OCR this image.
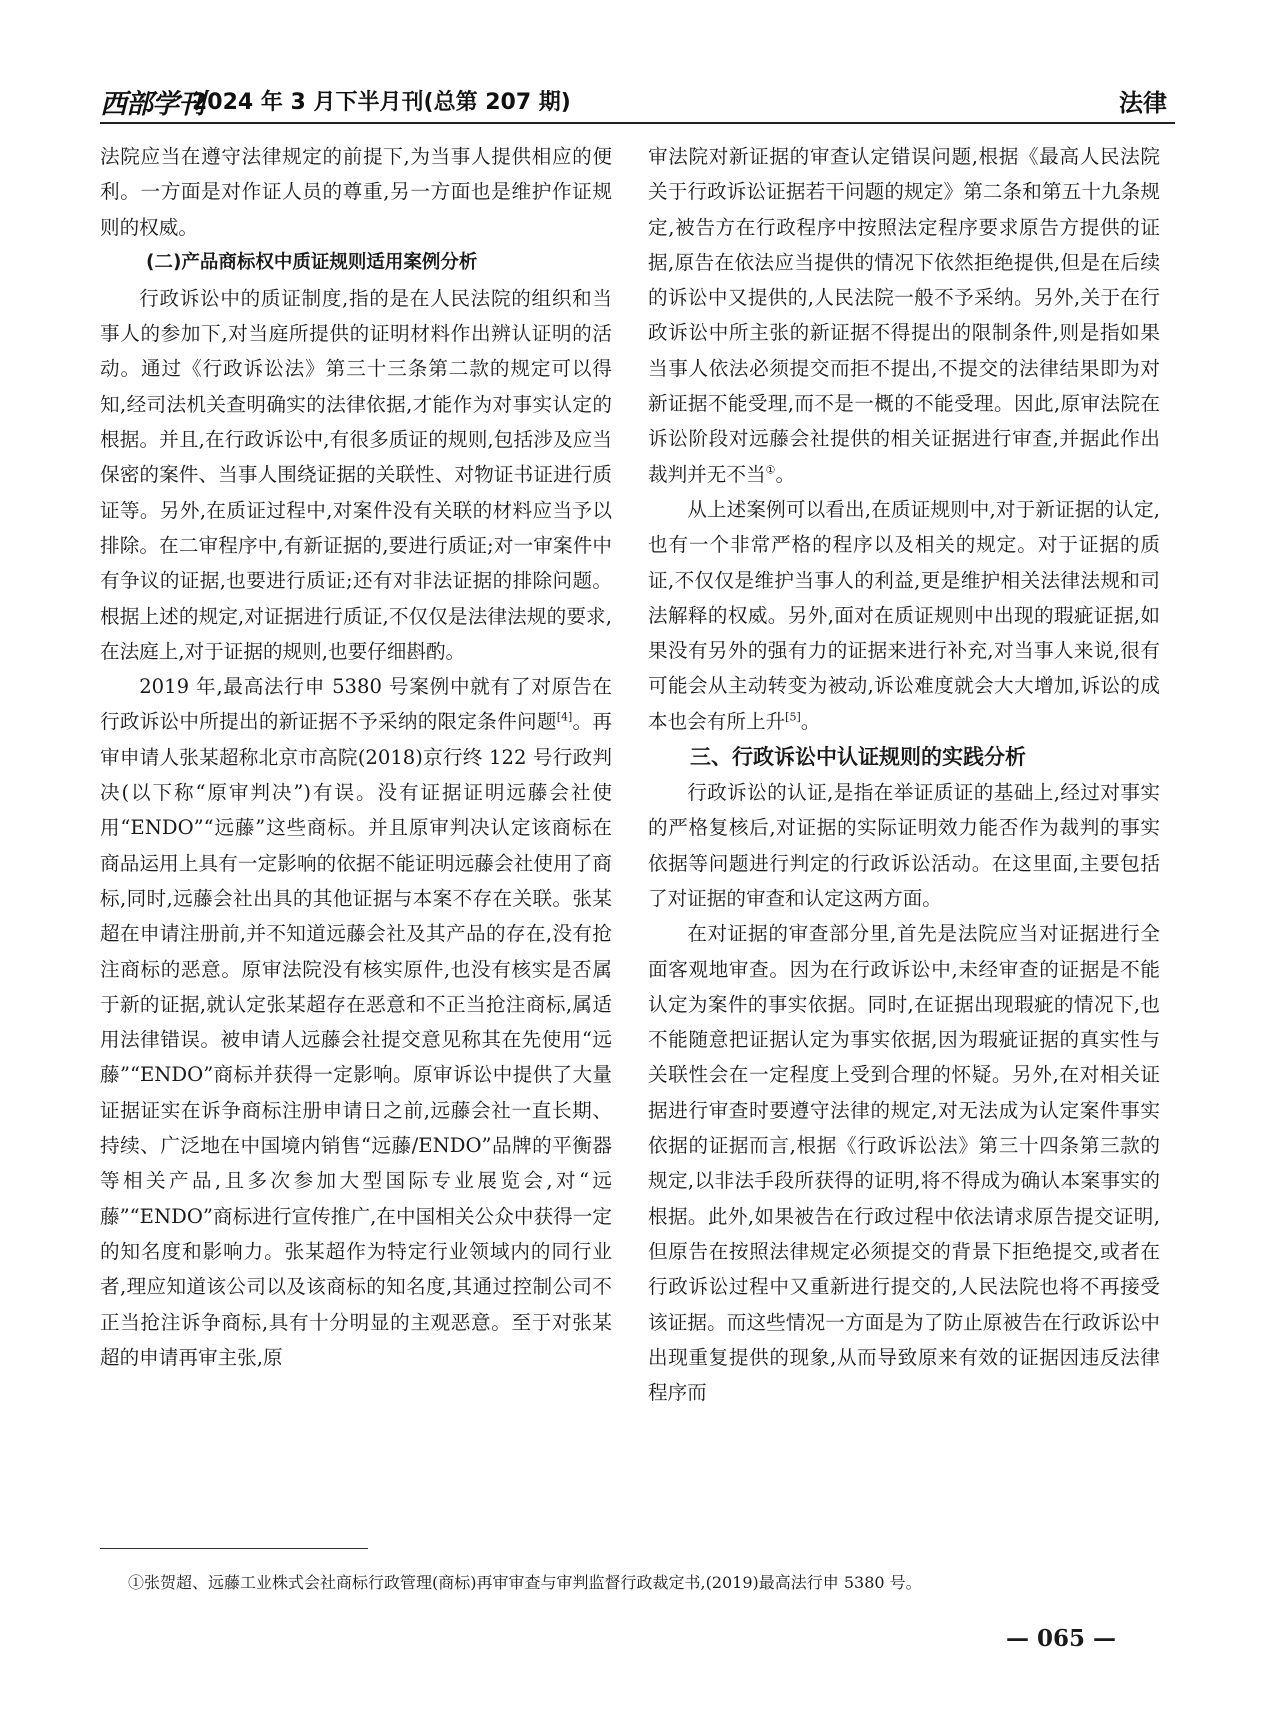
西部学刊
2024 年 3 月下半月刊(总第 207 期)	法律

法院应当在遵守法律规定的前提下,为当事人提供相应的便利。一方面是对作证人员的尊重,另一方面也是维护作证规则的权威。

(二)产品商标权中质证规则适用案例分析

行政诉讼中的质证制度,指的是在人民法院的组织和当事人的参加下,对当庭所提供的证明材料作出辨认证明的活动。通过《行政诉讼法》第三十三条第二款的规定可以得知,经司法机关查明确实的法律依据,才能作为对事实认定的根据。并且,在行政诉讼中,有很多质证的规则,包括涉及应当保密的案件、当事人围绕证据的关联性、对物证书证进行质证等。另外,在质证过程中,对案件没有关联的材料应当予以排除。在二审程序中,有新证据的,要进行质证;对一审案件中有争议的证据,也要进行质证;还有对非法证据的排除问题。根据上述的规定,对证据进行质证,不仅仅是法律法规的要求,在法庭上,对于证据的规则,也要仔细斟酌。

2019 年,最高法行申 5380 号案例中就有了对原告在行政诉讼中所提出的新证据不予采纳的限定条件问题[4]。再审申请人张某超称北京市高院(2018)京行终 122 号行政判决(以下称“原审判决”)有误。没有证据证明远藤会社使用“ENDO”“远藤”这些商标。并且原审判决认定该商标在商品运用上具有一定影响的依据不能证明远藤会社使用了商标,同时,远藤会社出具的其他证据与本案不存在关联。张某超在申请注册前,并不知道远藤会社及其产品的存在,没有抢注商标的恶意。原审法院没有核实原件,也没有核实是否属于新的证据,就认定张某超存在恶意和不正当抢注商标,属适用法律错误。被申请人远藤会社提交意见称其在先使用“远藤”“ENDO”商标并获得一定影响。原审诉讼中提供了大量证据证实在诉争商标注册申请日之前,远藤会社一直长期、持续、广泛地在中国境内销售“远藤/ENDO”品牌的平衡器等相关产品,且多次参加大型国际专业展览会,对“远藤”“ENDO”商标进行宣传推广,在中国相关公众中获得一定的知名度和影响力。张某超作为特定行业领域内的同行业者,理应知道该公司以及该商标的知名度,其通过控制公司不正当抢注诉争商标,具有十分明显的主观恶意。至于对张某超的申请再审主张,原

审法院对新证据的审查认定错误问题,根据《最高人民法院关于行政诉讼证据若干问题的规定》第二条和第五十九条规定,被告方在行政程序中按照法定程序要求原告方提供的证据,原告在依法应当提供的情况下依然拒绝提供,但是在后续的诉讼中又提供的,人民法院一般不予采纳。另外,关于在行政诉讼中所主张的新证据不得提出的限制条件,则是指如果当事人依法必须提交而拒不提出,不提交的法律结果即为对新证据不能受理,而不是一概的不能受理。因此,原审法院在诉讼阶段对远藤会社提供的相关证据进行审查,并据此作出裁判并无不当①。

从上述案例可以看出,在质证规则中,对于新证据的认定,也有一个非常严格的程序以及相关的规定。对于证据的质证,不仅仅是维护当事人的利益,更是维护相关法律法规和司法解释的权威。另外,面对在质证规则中出现的瑕疵证据,如果没有另外的强有力的证据来进行补充,对当事人来说,很有可能会从主动转变为被动,诉讼难度就会大大增加,诉讼的成本也会有所上升[5]。

三、行政诉讼中认证规则的实践分析

行政诉讼的认证,是指在举证质证的基础上,经过对事实的严格复核后,对证据的实际证明效力能否作为裁判的事实依据等问题进行判定的行政诉讼活动。在这里面,主要包括了对证据的审查和认定这两方面。

在对证据的审查部分里,首先是法院应当对证据进行全面客观地审查。因为在行政诉讼中,未经审查的证据是不能认定为案件的事实依据。同时,在证据出现瑕疵的情况下,也不能随意把证据认定为事实依据,因为瑕疵证据的真实性与关联性会在一定程度上受到合理的怀疑。另外,在对相关证据进行审查时要遵守法律的规定,对无法成为认定案件事实依据的证据而言,根据《行政诉讼法》第三十四条第三款的规定,以非法手段所获得的证明,将不得成为确认本案事实的根据。此外,如果被告在行政过程中依法请求原告提交证明,但原告在按照法律规定必须提交的背景下拒绝提交,或者在行政诉讼过程中又重新进行提交的,人民法院也将不再接受该证据。而这些情况一方面是为了防止原被告在行政诉讼中出现重复提供的现象,从而导致原来有效的证据因违反法律程序而

①张贺超、远藤工业株式会社商标行政管理(商标)再审审查与审判监督行政裁定书,(2019)最高法行申 5380 号。
— 065 —
